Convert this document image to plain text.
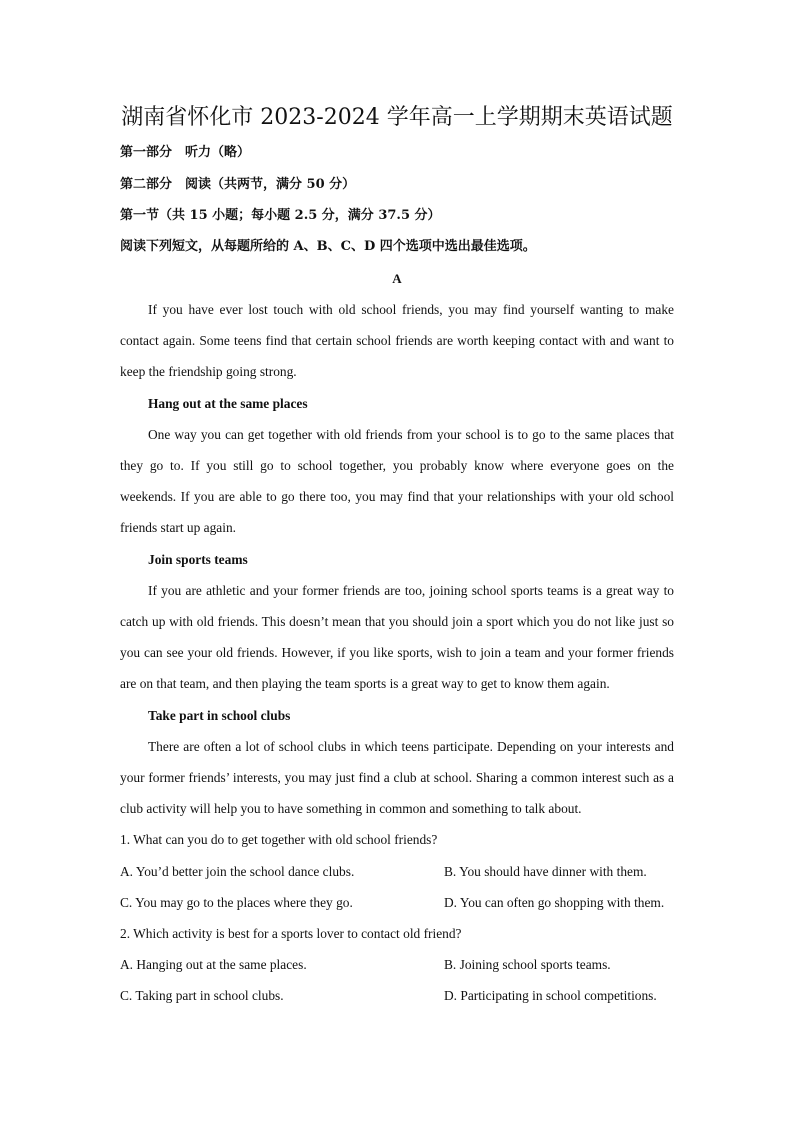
湖南省怀化市 2023-2024 学年高一上学期期末英语试题
第一部分　听力（略）
第二部分　阅读（共两节，满分 50 分）
第一节（共 15 小题；每小题 2.5 分，满分 37.5 分）
阅读下列短文，从每题所给的 A、B、C、D 四个选项中选出最佳选项。
A

If you have ever lost touch with old school friends, you may find yourself wanting to make contact again. Some teens find that certain school friends are worth keeping contact with and want to keep the friendship going strong.

Hang out at the same places

One way you can get together with old friends from your school is to go to the same places that they go to. If you still go to school together, you probably know where everyone goes on the weekends. If you are able to go there too, you may find that your relationships with your old school friends start up again.

Join sports teams

If you are athletic and your former friends are too, joining school sports teams is a great way to catch up with old friends. This doesn’t mean that you should join a sport which you do not like just so you can see your old friends. However, if you like sports, wish to join a team and your former friends are on that team, and then playing the team sports is a great way to get to know them again.

Take part in school clubs

There are often a lot of school clubs in which teens participate. Depending on your interests and your former friends’ interests, you may just find a club at school. Sharing a common interest such as a club activity will help you to have something in common and something to talk about.

1. What can you do to get together with old school friends?

A. You’d better join the school dance clubs.	B. You should have dinner with them.
C. You may go to the places where they go.	D. You can often go shopping with them.

2. Which activity is best for a sports lover to contact old friend?

A. Hanging out at the same places.	B. Joining school sports teams.
C. Taking part in school clubs.	D. Participating in school competitions.
